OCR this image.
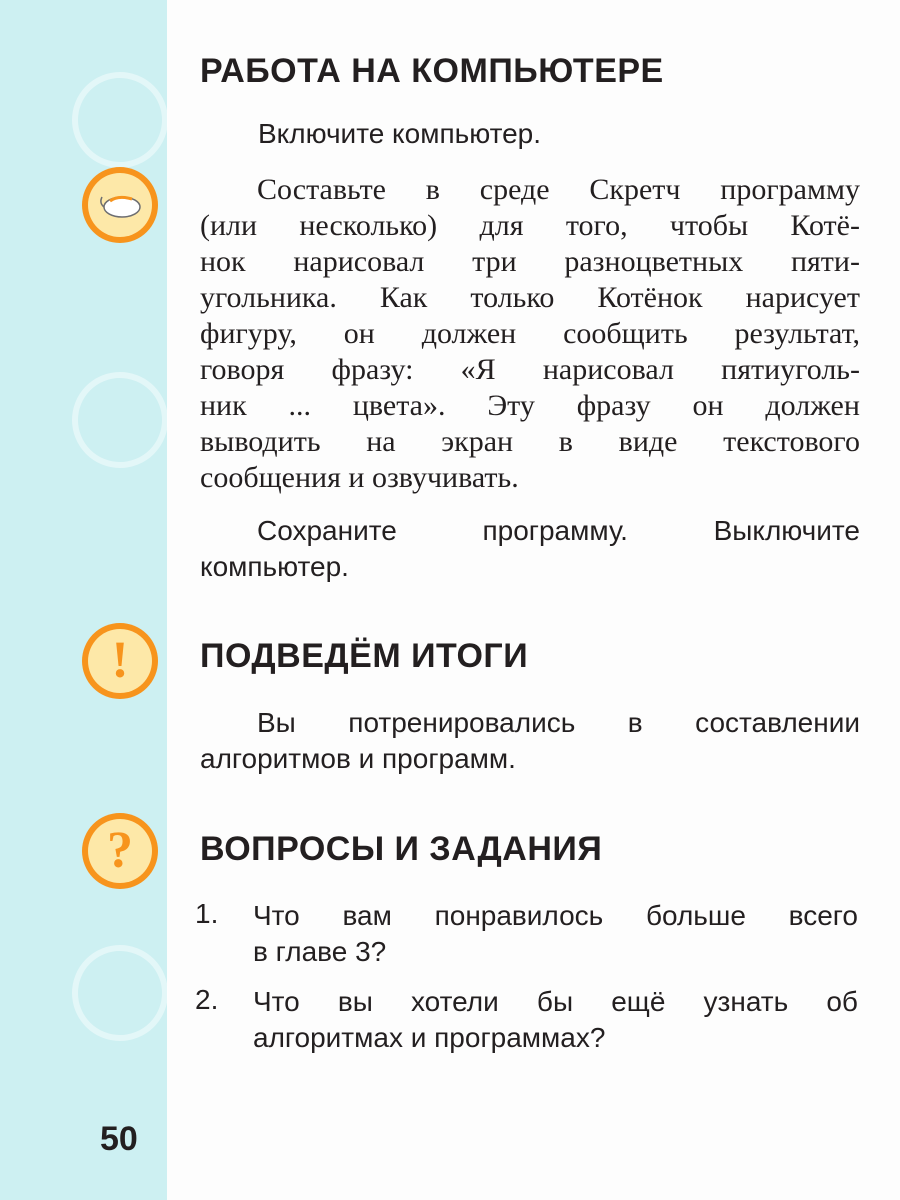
РАБОТА НА КОМПЬЮТЕРЕ

Включите компьютер.

Составьте в среде Скретч программу
(или несколько) для того, чтобы Котё-
нок нарисовал три разноцветных пяти-
угольника. Как только Котёнок нарисует
фигуру, он должен сообщить результат,
говоря фразу: «Я нарисовал пятиуголь-
ник ... цвета». Эту фразу он должен
выводить на экран в виде текстового
сообщения и озвучивать.
Сохраните	программу.	Выключите
компьютер.
!	ПОДВЕДЁМ ИТОГИ
Вы потренировались в составлении
алгоритмов и программ.
?	ВОПРОСЫ И ЗАДАНИЯ
1. Что вам понравилось больше всего
в главе 3?
2. Что вы хотели бы ещё узнать об
алгоритмах и программах?
50
